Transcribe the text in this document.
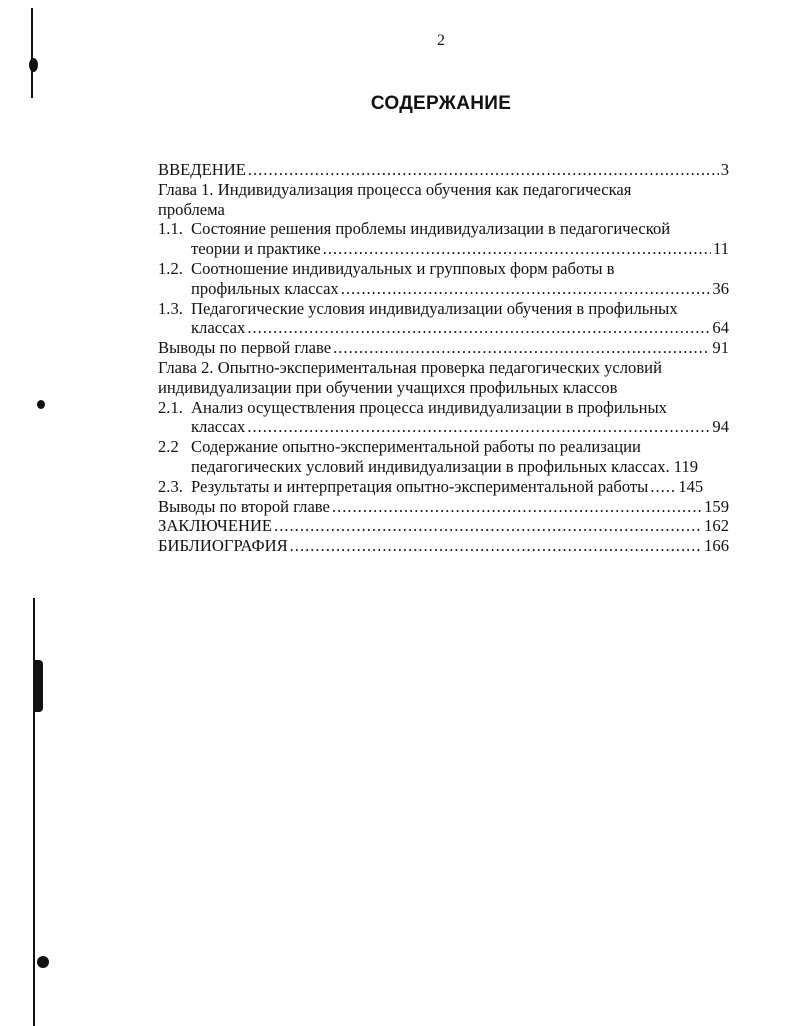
2
СОДЕРЖАНИЕ
ВВЕДЕНИЕ .....	3
Глава 1. Индивидуализация процесса обучения как педагогическая
проблема
1.1. Состояние решения проблемы индивидуализации в педагогической
теории и практике .....	11
1.2. Соотношение индивидуальных и групповых форм работы в
профильных классах .....	36
1.3. Педагогические условия индивидуализации обучения в профильных
классах .....	64
Выводы по первой главе .....	91
Глава 2. Опытно-экспериментальная проверка педагогических условий
индивидуализации при обучении учащихся профильных классов
2.1. Анализ осуществления процесса индивидуализации в профильных
классах .....	94
2.2 Содержание опытно-экспериментальной работы по реализации
педагогических условий индивидуализации в профильных классах. 119
2.3. Результаты и интерпретация опытно-экспериментальной работы ..... 145
Выводы по второй главе .....	159
ЗАКЛЮЧЕНИЕ .....	162
БИБЛИОГРАФИЯ .....	166
